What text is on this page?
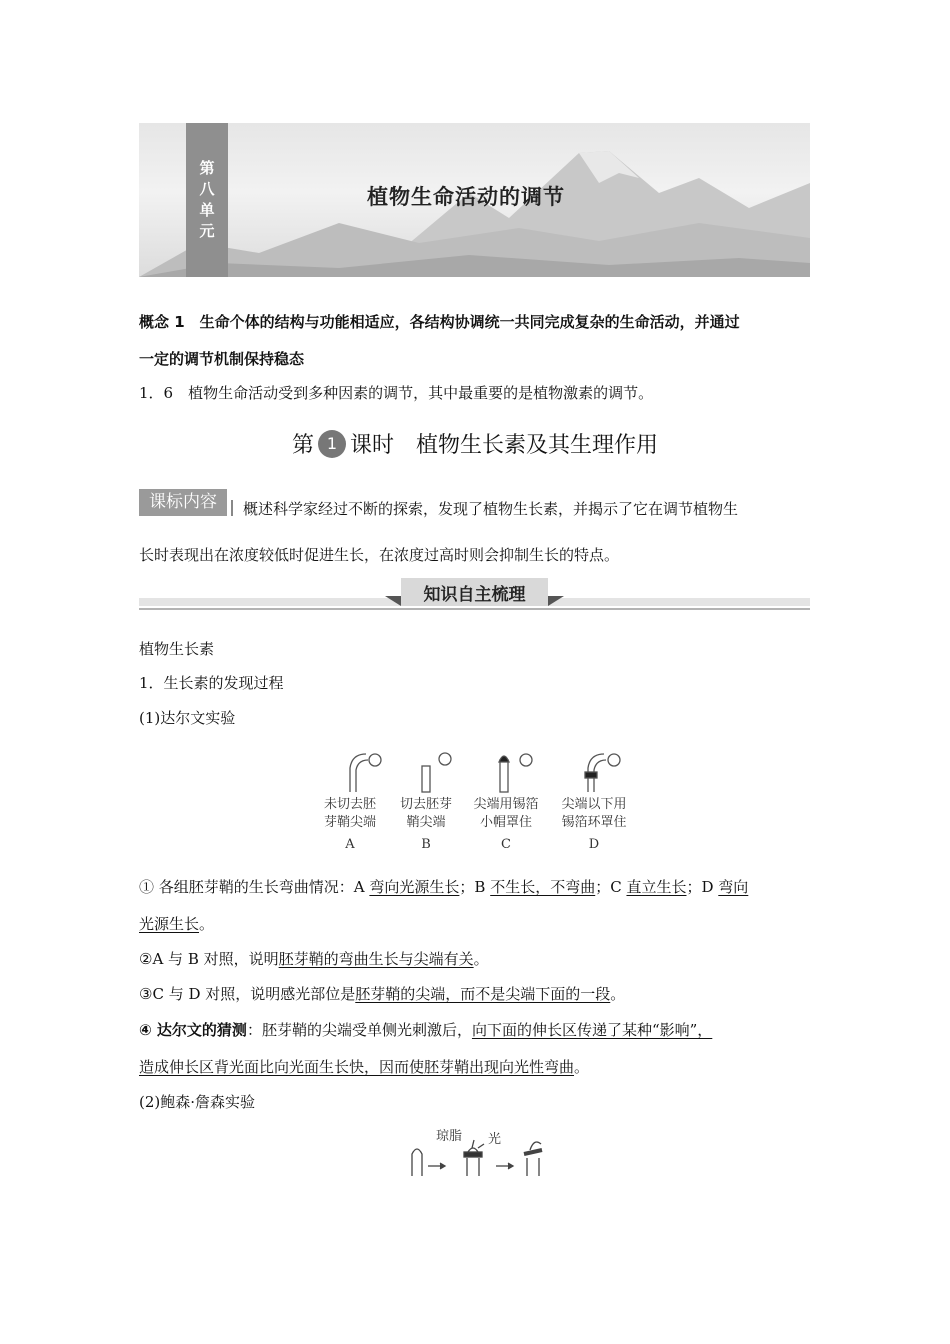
第
八
单
元
植物生命活动的调节
概念 1　生命个体的结构与功能相适应，各结构协调统一共同完成复杂的生命活动，并通过
一定的调节机制保持稳态
1．6　植物生命活动受到多种因素的调节，其中最重要的是植物激素的调节。
第 1 课时　植物生长素及其生理作用
课标内容	概述科学家经过不断的探索，发现了植物生长素，并揭示了它在调节植物生
长时表现出在浓度较低时促进生长，在浓度过高时则会抑制生长的特点。
知识自主梳理
植物生长素
1．生长素的发现过程
(1)达尔文实验
未切去胚
芽鞘尖端
A
切去胚芽
鞘尖端
B
尖端用锡箔
小帽罩住
C
尖端以下用
锡箔环罩住
D
① 各组胚芽鞘的生长弯曲情况：A 弯向光源生长；B 不生长，不弯曲；C 直立生长；D 弯向
光源生长。
②A 与 B 对照，说明胚芽鞘的弯曲生长与尖端有关。
③C 与 D 对照，说明感光部位是胚芽鞘的尖端，而不是尖端下面的一段。
④ 达尔文的猜测：胚芽鞘的尖端受单侧光刺激后，向下面的伸长区传递了某种“影响”，
造成伸长区背光面比向光面生长快，因而使胚芽鞘出现向光性弯曲。
(2)鲍森·詹森实验
琼脂	光
